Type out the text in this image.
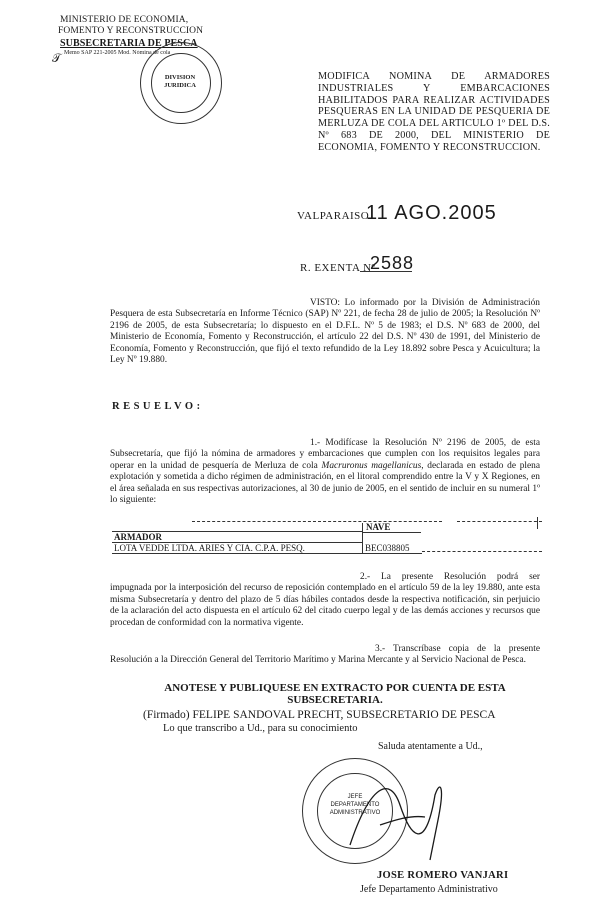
MINISTERIO DE ECONOMIA,
FOMENTO Y RECONSTRUCCION
SUBSECRETARIA DE PESCA
Memo SAP 221-2005 Mod. Nómina de cola
𝒯
DIVISION JURIDICA
MODIFICA NOMINA DE ARMADORES INDUSTRIALES Y EMBARCACIONES HABILITADOS PARA REALIZAR ACTIVIDADES PESQUERAS EN LA UNIDAD DE PESQUERIA DE MERLUZA DE COLA DEL ARTICULO 1º DEL D.S. Nº 683 DE 2000, DEL MINISTERIO DE ECONOMIA, FOMENTO Y RECONSTRUCCION.
VALPARAISO
11 AGO.2005
R. EXENTA Nº
2588
VISTO: Lo informado por la División de Administración Pesquera de esta Subsecretaría en Informe Técnico (SAP) Nº 221, de fecha 28 de julio de 2005; la Resolución Nº 2196 de 2005, de esta Subsecretaría; lo dispuesto en el D.F.L. Nº 5 de 1983; el D.S. Nº 683 de 2000, del Ministerio de Economía, Fomento y Reconstrucción, el artículo 22 del D.S. Nº 430 de 1991, del Ministerio de Economía, Fomento y Reconstrucción, que fijó el texto refundido de la Ley 18.892 sobre Pesca y Acuicultura; la Ley Nº 19.880.
RESUELVO:
1.- Modifícase la Resolución Nº 2196 de 2005, de esta Subsecretaría, que fijó la nómina de armadores y embarcaciones que cumplen con los requisitos legales para operar en la unidad de pesquería de Merluza de cola Macruronus magellanicus, declarada en estado de plena explotación y sometida a dicho régimen de administración, en el litoral comprendido entre la V y X Regiones, en el área señalada en sus respectivas autorizaciones, al 30 de junio de 2005, en el sentido de incluir en su numeral 1º lo siguiente:
ARMADOR
NAVE
LOTA VEDDE LTDA. ARIES Y CIA. C.P.A. PESQ.	BEC038805
2.- La presente Resolución podrá ser impugnada por la interposición del recurso de reposición contemplado en el artículo 59 de la ley 19.880, ante esta misma Subsecretaría y dentro del plazo de 5 días hábiles contados desde la respectiva notificación, sin perjuicio de la aclaración del acto dispuesta en el artículo 62 del citado cuerpo legal y de las demás acciones y recursos que procedan de conformidad con la normativa vigente.
3.- Transcríbase copia de la presente Resolución a la Dirección General del Territorio Marítimo y Marina Mercante y al Servicio Nacional de Pesca.
ANOTESE Y PUBLIQUESE EN EXTRACTO POR CUENTA DE ESTA SUBSECRETARIA.
(Firmado) FELIPE SANDOVAL PRECHT, SUBSECRETARIO DE PESCA
Lo que transcribo a Ud., para su conocimiento
Saluda atentamente a Ud.,
JEFE
DEPARTAMENTO
ADMINISTRATIVO
JOSE ROMERO VANJARI
Jefe Departamento Administrativo
